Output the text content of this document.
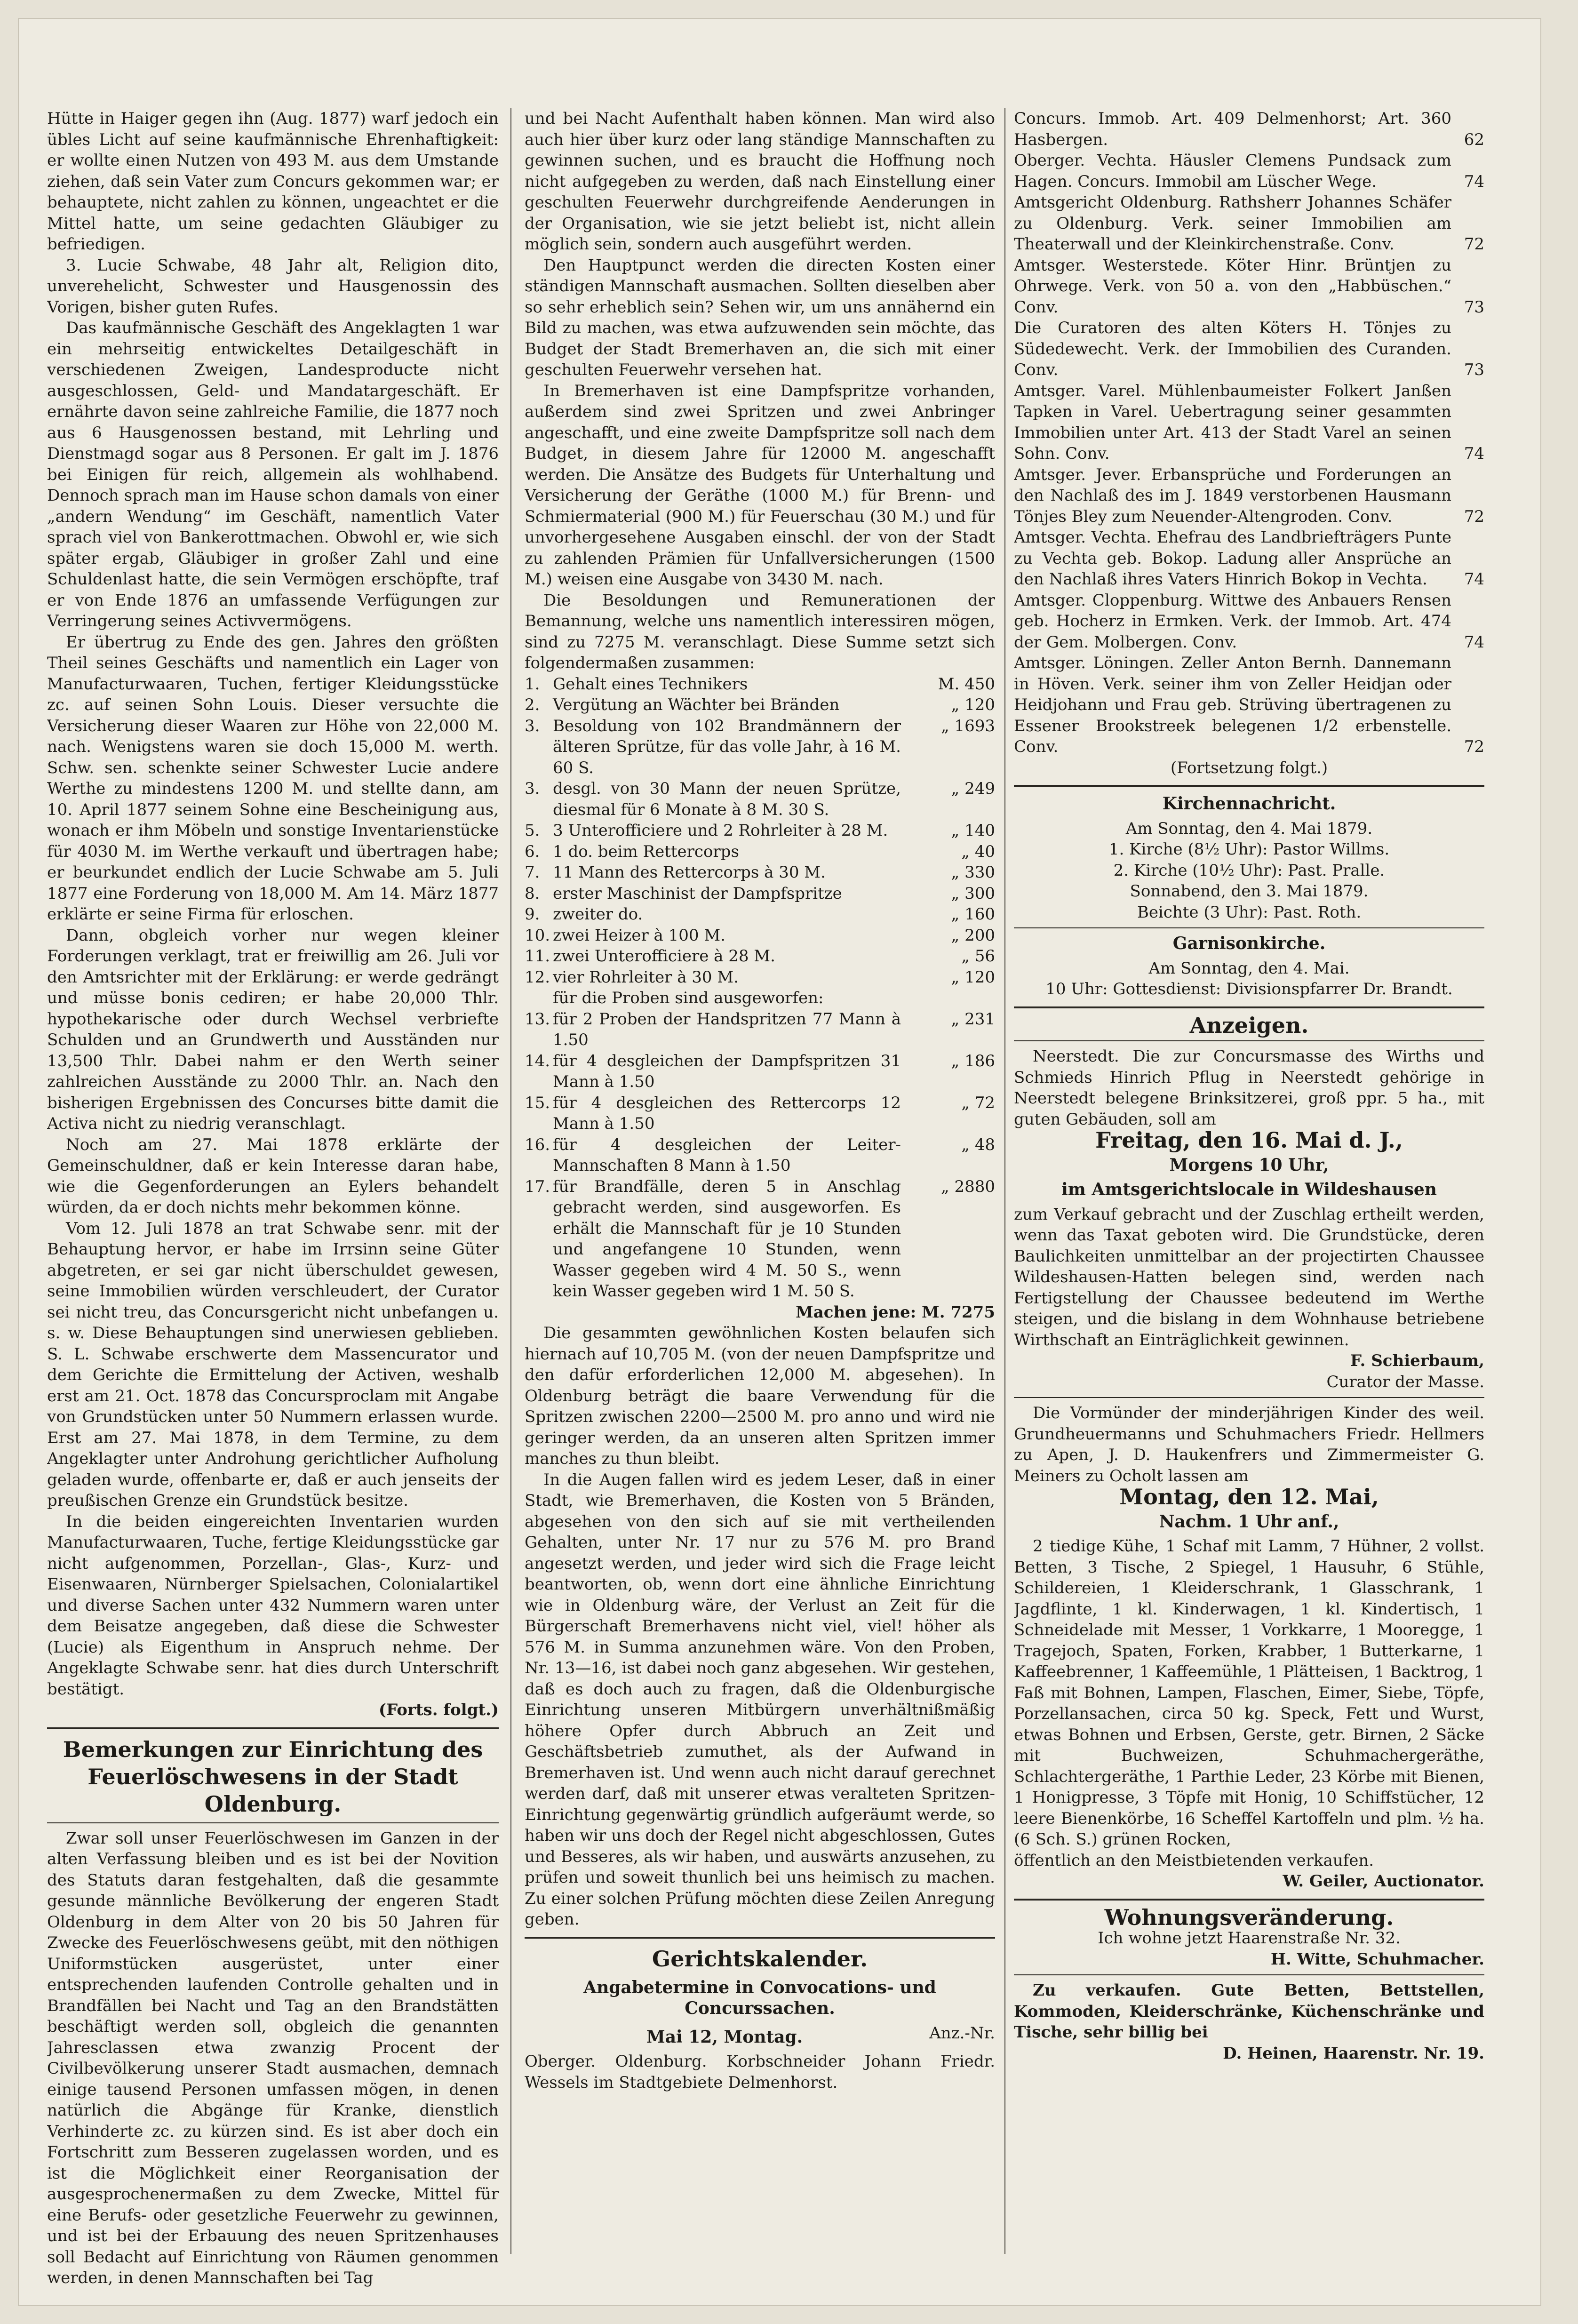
Hütte in Haiger gegen ihn (Aug. 1877) warf jedoch ein übles Licht auf seine kaufmännische Ehrenhaftigkeit: er wollte einen Nutzen von 493 M. aus dem Umstande ziehen, daß sein Vater zum Concurs gekommen war; er behauptete, nicht zahlen zu können, ungeachtet er die Mittel hatte, um seine gedachten Gläubiger zu befriedigen.

3. Lucie Schwabe, 48 Jahr alt, Religion dito, unverehelicht, Schwester und Hausgenossin des Vorigen, bisher guten Rufes.

Das kaufmännische Geschäft des Angeklagten 1 war ein mehrseitig entwickeltes Detailgeschäft in verschiedenen Zweigen, Landesproducte nicht ausgeschlossen, Geld- und Mandatargeschäft. Er ernährte davon seine zahlreiche Familie, die 1877 noch aus 6 Hausgenossen bestand, mit Lehrling und Dienstmagd sogar aus 8 Personen. Er galt im J. 1876 bei Einigen für reich, allgemein als wohlhabend. Dennoch sprach man im Hause schon damals von einer „andern Wendung“ im Geschäft, namentlich Vater sprach viel von Bankerottmachen. Obwohl er, wie sich später ergab, Gläubiger in großer Zahl und eine Schuldenlast hatte, die sein Vermögen erschöpfte, traf er von Ende 1876 an umfassende Verfügungen zur Verringerung seines Activvermögens.

Er übertrug zu Ende des gen. Jahres den größten Theil seines Geschäfts und namentlich ein Lager von Manufacturwaaren, Tuchen, fertiger Kleidungsstücke zc. auf seinen Sohn Louis. Dieser versuchte die Versicherung dieser Waaren zur Höhe von 22,000 M. nach. Wenigstens waren sie doch 15,000 M. werth. Schw. sen. schenkte seiner Schwester Lucie andere Werthe zu mindestens 1200 M. und stellte dann, am 10. April 1877 seinem Sohne eine Bescheinigung aus, wonach er ihm Möbeln und sonstige Inventarienstücke für 4030 M. im Werthe verkauft und übertragen habe; er beurkundet endlich der Lucie Schwabe am 5. Juli 1877 eine Forderung von 18,000 M. Am 14. März 1877 erklärte er seine Firma für erloschen.

Dann, obgleich vorher nur wegen kleiner Forderungen verklagt, trat er freiwillig am 26. Juli vor den Amtsrichter mit der Erklärung: er werde gedrängt und müsse bonis cediren; er habe 20,000 Thlr. hypothekarische oder durch Wechsel verbriefte Schulden und an Grundwerth und Ausständen nur 13,500 Thlr. Dabei nahm er den Werth seiner zahlreichen Ausstände zu 2000 Thlr. an. Nach den bisherigen Ergebnissen des Concurses bitte damit die Activa nicht zu niedrig veranschlagt.

Noch am 27. Mai 1878 erklärte der Gemeinschuldner, daß er kein Interesse daran habe, wie die Gegenforderungen an Eylers behandelt würden, da er doch nichts mehr bekommen könne.

Vom 12. Juli 1878 an trat Schwabe senr. mit der Behauptung hervor, er habe im Irrsinn seine Güter abgetreten, er sei gar nicht überschuldet gewesen, seine Immobilien würden verschleudert, der Curator sei nicht treu, das Concursgericht nicht unbefangen u. s. w. Diese Behauptungen sind unerwiesen geblieben. S. L. Schwabe erschwerte dem Massencurator und dem Gerichte die Ermittelung der Activen, weshalb erst am 21. Oct. 1878 das Concursproclam mit Angabe von Grundstücken unter 50 Nummern erlassen wurde. Erst am 27. Mai 1878, in dem Termine, zu dem Angeklagter unter Androhung gerichtlicher Aufholung geladen wurde, offenbarte er, daß er auch jenseits der preußischen Grenze ein Grundstück besitze.

In die beiden eingereichten Inventarien wurden Manufacturwaaren, Tuche, fertige Kleidungsstücke gar nicht aufgenommen, Porzellan-, Glas-, Kurz- und Eisenwaaren, Nürnberger Spielsachen, Colonialartikel und diverse Sachen unter 432 Nummern waren unter dem Beisatze angegeben, daß diese die Schwester (Lucie) als Eigenthum in Anspruch nehme. Der Angeklagte Schwabe senr. hat dies durch Unterschrift bestätigt.

(Forts. folgt.)
Bemerkungen zur Einrichtung des Feuerlöschwesens in der Stadt Oldenburg.

Zwar soll unser Feuerlöschwesen im Ganzen in der alten Verfassung bleiben und es ist bei der Novition des Statuts daran festgehalten, daß die gesammte gesunde männliche Bevölkerung der engeren Stadt Oldenburg in dem Alter von 20 bis 50 Jahren für Zwecke des Feuerlöschwesens geübt, mit den nöthigen Uniformstücken ausgerüstet, unter einer entsprechenden laufenden Controlle gehalten und in Brandfällen bei Nacht und Tag an den Brandstätten beschäftigt werden soll, obgleich die genannten Jahresclassen etwa zwanzig Procent der Civilbevölkerung unserer Stadt ausmachen, demnach einige tausend Personen umfassen mögen, in denen natürlich die Abgänge für Kranke, dienstlich Verhinderte zc. zu kürzen sind. Es ist aber doch ein Fortschritt zum Besseren zugelassen worden, und es ist die Möglichkeit einer Reorganisation der ausgesprochenermaßen zu dem Zwecke, Mittel für eine Berufs- oder gesetzliche Feuerwehr zu gewinnen, und ist bei der Erbauung des neuen Spritzenhauses soll Bedacht auf Einrichtung von Räumen genommen werden, in denen Mannschaften bei Tag

und bei Nacht Aufenthalt haben können. Man wird also auch hier über kurz oder lang ständige Mannschaften zu gewinnen suchen, und es braucht die Hoffnung noch nicht aufgegeben zu werden, daß nach Einstellung einer geschulten Feuerwehr durchgreifende Aenderungen in der Organisation, wie sie jetzt beliebt ist, nicht allein möglich sein, sondern auch ausgeführt werden.

Den Hauptpunct werden die directen Kosten einer ständigen Mannschaft ausmachen. Sollten dieselben aber so sehr erheblich sein? Sehen wir, um uns annähernd ein Bild zu machen, was etwa aufzuwenden sein möchte, das Budget der Stadt Bremerhaven an, die sich mit einer geschulten Feuerwehr versehen hat.

In Bremerhaven ist eine Dampfspritze vorhanden, außerdem sind zwei Spritzen und zwei Anbringer angeschafft, und eine zweite Dampfspritze soll nach dem Budget, in diesem Jahre für 12000 M. angeschafft werden. Die Ansätze des Budgets für Unterhaltung und Versicherung der Geräthe (1000 M.) für Brenn- und Schmiermaterial (900 M.) für Feuerschau (30 M.) und für unvorhergesehene Ausgaben einschl. der von der Stadt zu zahlenden Prämien für Unfallversicherungen (1500 M.) weisen eine Ausgabe von 3430 M. nach.

Die Besoldungen und Remunerationen der Bemannung, welche uns namentlich interessiren mögen, sind zu 7275 M. veranschlagt. Diese Summe setzt sich folgendermaßen zusammen:

1. Gehalt eines Technikers	M. 450
2. Vergütung an Wächter bei Bränden	„ 120
3. Besoldung von 102 Brandmännern der älteren Sprütze, für das volle Jahr, à 16 M. 60 S.
„ 1693
3. desgl. von 30 Mann der neuen Sprütze, diesmal für 6 Monate à 8 M. 30 S.
„ 249
5. 3 Unterofficiere und 2 Rohrleiter à 28 M.	„ 140
6. 1 do. beim Rettercorps	„ 40
7. 11 Mann des Rettercorps à 30 M.	„ 330
8. erster Maschinist der Dampfspritze	„ 300
9. zweiter do.	„ 160
10. zwei Heizer à 100 M.	„ 200
11. zwei Unterofficiere à 28 M.	„ 56
12. vier Rohrleiter à 30 M.	„ 120
für die Proben sind ausgeworfen:
13. für 2 Proben der Handspritzen 77 Mann à 1.50
„ 231
14. für 4 desgleichen der Dampfspritzen 31 Mann à 1.50
„ 186
15. für 4 desgleichen des Rettercorps 12 Mann à 1.50
„ 72
16. für 4 desgleichen der Leiter-Mannschaften 8 Mann à 1.50
„ 48
17. für Brandfälle, deren 5 in Anschlag gebracht werden, sind ausgeworfen. Es erhält die Mannschaft für je 10 Stunden und angefangene 10 Stunden, wenn Wasser gegeben wird 4 M. 50 S., wenn kein Wasser gegeben wird 1 M. 50 S.
„ 2880
Machen jene: M. 7275

Die gesammten gewöhnlichen Kosten belaufen sich hiernach auf 10,705 M. (von der neuen Dampfspritze und den dafür erforderlichen 12,000 M. abgesehen). In Oldenburg beträgt die baare Verwendung für die Spritzen zwischen 2200—2500 M. pro anno und wird nie geringer werden, da an unseren alten Spritzen immer manches zu thun bleibt.

In die Augen fallen wird es jedem Leser, daß in einer Stadt, wie Bremerhaven, die Kosten von 5 Bränden, abgesehen von den sich auf sie mit vertheilenden Gehalten, unter Nr. 17 nur zu 576 M. pro Brand angesetzt werden, und jeder wird sich die Frage leicht beantworten, ob, wenn dort eine ähnliche Einrichtung wie in Oldenburg wäre, der Verlust an Zeit für die Bürgerschaft Bremerhavens nicht viel, viel! höher als 576 M. in Summa anzunehmen wäre. Von den Proben, Nr. 13—16, ist dabei noch ganz abgesehen. Wir gestehen, daß es doch auch zu fragen, daß die Oldenburgische Einrichtung unseren Mitbürgern unverhältnißmäßig höhere Opfer durch Abbruch an Zeit und Geschäftsbetrieb zumuthet, als der Aufwand in Bremerhaven ist. Und wenn auch nicht darauf gerechnet werden darf, daß mit unserer etwas veralteten Spritzen-Einrichtung gegenwärtig gründlich aufgeräumt werde, so haben wir uns doch der Regel nicht abgeschlossen, Gutes und Besseres, als wir haben, und auswärts anzusehen, zu prüfen und soweit thunlich bei uns heimisch zu machen. Zu einer solchen Prüfung möchten diese Zeilen Anregung geben.

Gerichtskalender.
Angabetermine in Convocations- und Concurssachen.
Mai 12, Montag.	Anz.-Nr.

Oberger. Oldenburg. Korbschneider Johann Friedr. Wessels im Stadtgebiete Delmenhorst.

Concurs. Immob. Art. 409 Delmenhorst; Art. 360 Hasbergen.	62
Oberger. Vechta. Häusler Clemens Pundsack zum Hagen. Concurs. Immobil am Lüscher Wege.	74
Amtsgericht Oldenburg. Rathsherr Johannes Schäfer zu Oldenburg. Verk. seiner Immobilien am Theaterwall und der Kleinkirchenstraße. Conv.	72
Amtsger. Westerstede. Köter Hinr. Brüntjen zu Ohrwege. Verk. von 50 a. von den „Habbüschen.“ Conv.	73
Die Curatoren des alten Köters H. Tönjes zu Südedewecht. Verk. der Immobilien des Curanden. Conv.	73
Amtsger. Varel. Mühlenbaumeister Folkert Janßen Tapken in Varel. Uebertragung seiner gesammten Immobilien unter Art. 413 der Stadt Varel an seinen Sohn. Conv.	74
Amtsger. Jever. Erbansprüche und Forderungen an den Nachlaß des im J. 1849 verstorbenen Hausmann Tönjes Bley zum Neuender-Altengroden. Conv.	72
Amtsger. Vechta. Ehefrau des Landbriefträgers Punte zu Vechta geb. Bokop. Ladung aller Ansprüche an den Nachlaß ihres Vaters Hinrich Bokop in Vechta.	74
Amtsger. Cloppenburg. Wittwe des Anbauers Rensen geb. Hocherz in Ermken. Verk. der Immob. Art. 474 der Gem. Molbergen. Conv.	74
Amtsger. Löningen. Zeller Anton Bernh. Dannemann in Höven. Verk. seiner ihm von Zeller Heidjan oder Heidjohann und Frau geb. Strüving übertragenen zu Essener Brookstreek belegenen 1/2 erbenstelle. Conv.	72
(Fortsetzung folgt.)
Kirchennachricht.
Am Sonntag, den 4. Mai 1879.
1. Kirche (8½ Uhr): Pastor Willms.
2. Kirche (10½ Uhr): Past. Pralle.
Sonnabend, den 3. Mai 1879.
Beichte (3 Uhr): Past. Roth.
Garnisonkirche.
Am Sonntag, den 4. Mai.
10 Uhr: Gottesdienst: Divisionspfarrer Dr. Brandt.
Anzeigen.

Neerstedt. Die zur Concursmasse des Wirths und Schmieds Hinrich Pflug in Neerstedt gehörige in Neerstedt belegene Brinksitzerei, groß ppr. 5 ha., mit guten Gebäuden, soll am

Freitag, den 16. Mai d. J.,
Morgens 10 Uhr,
im Amtsgerichtslocale in Wildeshausen

zum Verkauf gebracht und der Zuschlag ertheilt werden, wenn das Taxat geboten wird. Die Grundstücke, deren Baulichkeiten unmittelbar an der projectirten Chaussee Wildeshausen-Hatten belegen sind, werden nach Fertigstellung der Chaussee bedeutend im Werthe steigen, und die bislang in dem Wohnhause betriebene Wirthschaft an Einträglichkeit gewinnen.

F. Schierbaum,
Curator der Masse.

Die Vormünder der minderjährigen Kinder des weil. Grundheuermanns und Schuhmachers Friedr. Hellmers zu Apen, J. D. Haukenfrers und Zimmermeister G. Meiners zu Ocholt lassen am

Montag, den 12. Mai,
Nachm. 1 Uhr anf.,

2 tiedige Kühe, 1 Schaf mit Lamm, 7 Hühner, 2 vollst. Betten, 3 Tische, 2 Spiegel, 1 Hausuhr, 6 Stühle, Schildereien, 1 Kleiderschrank, 1 Glasschrank, 1 Jagdflinte, 1 kl. Kinderwagen, 1 kl. Kindertisch, 1 Schneidelade mit Messer, 1 Vorkkarre, 1 Mooregge, 1 Tragejoch, Spaten, Forken, Krabber, 1 Butterkarne, 1 Kaffeebrenner, 1 Kaffeemühle, 1 Plätteisen, 1 Backtrog, 1 Faß mit Bohnen, Lampen, Flaschen, Eimer, Siebe, Töpfe, Porzellansachen, circa 50 kg. Speck, Fett und Wurst, etwas Bohnen und Erbsen, Gerste, getr. Birnen, 2 Säcke mit Buchweizen, Schuhmachergeräthe, Schlachtergeräthe, 1 Parthie Leder, 23 Körbe mit Bienen, 1 Honigpresse, 3 Töpfe mit Honig, 10 Schiffstücher, 12 leere Bienenkörbe, 16 Scheffel Kartoffeln und plm. ½ ha. (6 Sch. S.) grünen Rocken,

öffentlich an den Meistbietenden verkaufen.

W. Geiler, Auctionator.
Wohnungsveränderung.
Ich wohne jetzt Haarenstraße Nr. 32.
H. Witte, Schuhmacher.

Zu verkaufen. Gute Betten, Bettstellen, Kommoden, Kleiderschränke, Küchenschränke und Tische, sehr billig bei

D. Heinen, Haarenstr. Nr. 19.
